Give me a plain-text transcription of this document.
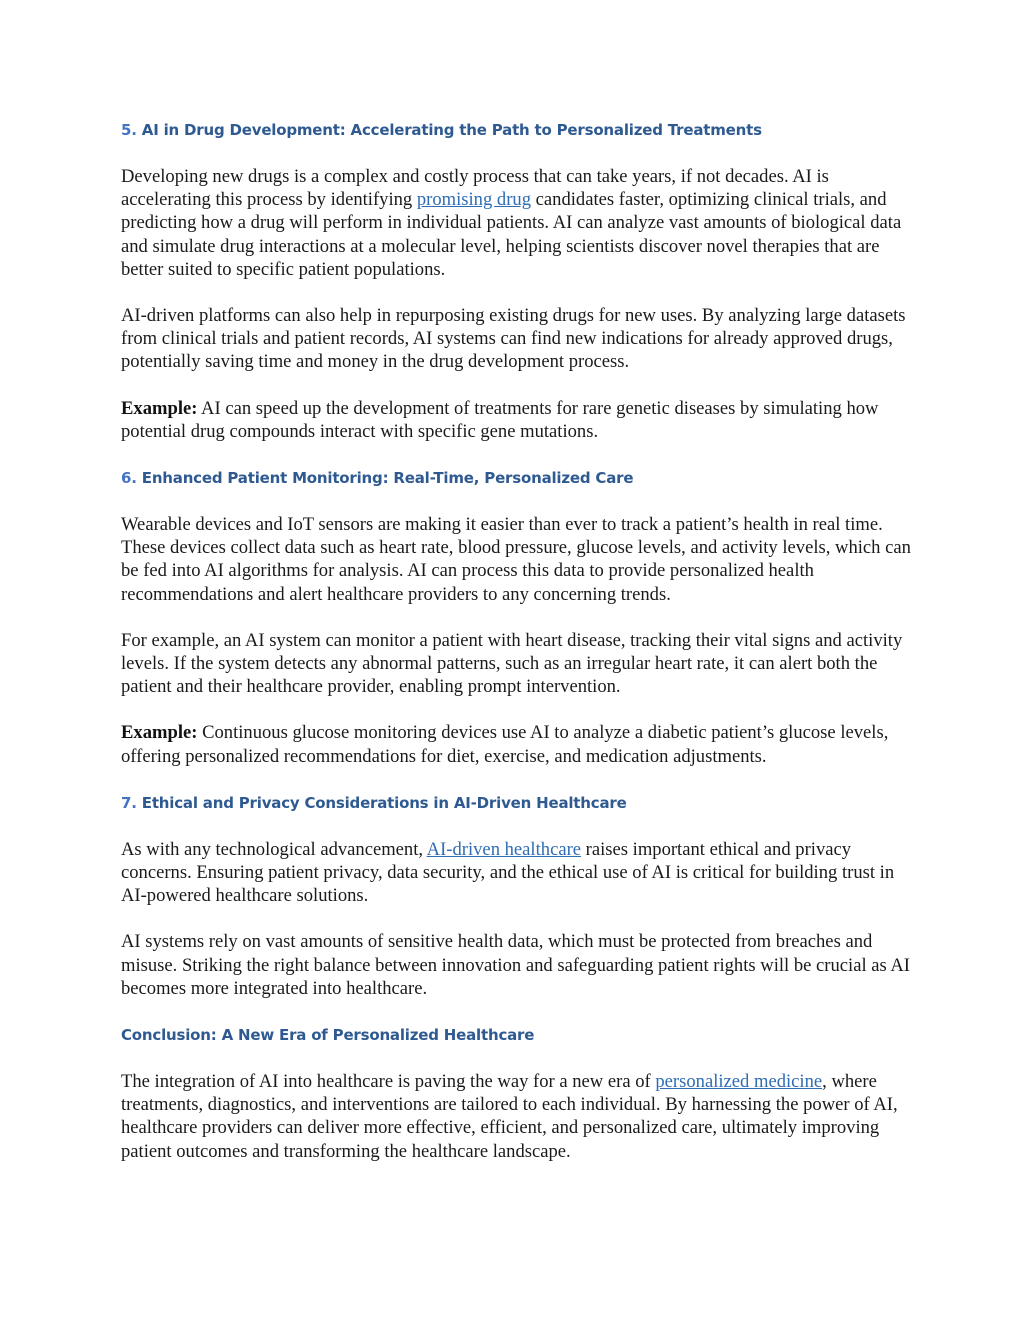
5. AI in Drug Development: Accelerating the Path to Personalized Treatments

Developing new drugs is a complex and costly process that can take years, if not decades. AI is accelerating this process by identifying promising drug candidates faster, optimizing clinical trials, and predicting how a drug will perform in individual patients. AI can analyze vast amounts of biological data and simulate drug interactions at a molecular level, helping scientists discover novel therapies that are better suited to specific patient populations.

AI-driven platforms can also help in repurposing existing drugs for new uses. By analyzing large datasets from clinical trials and patient records, AI systems can find new indications for already approved drugs, potentially saving time and money in the drug development process.

Example: AI can speed up the development of treatments for rare genetic diseases by simulating how potential drug compounds interact with specific gene mutations.

6. Enhanced Patient Monitoring: Real-Time, Personalized Care

Wearable devices and IoT sensors are making it easier than ever to track a patient’s health in real time. These devices collect data such as heart rate, blood pressure, glucose levels, and activity levels, which can be fed into AI algorithms for analysis. AI can process this data to provide personalized health recommendations and alert healthcare providers to any concerning trends.

For example, an AI system can monitor a patient with heart disease, tracking their vital signs and activity levels. If the system detects any abnormal patterns, such as an irregular heart rate, it can alert both the patient and their healthcare provider, enabling prompt intervention.

Example: Continuous glucose monitoring devices use AI to analyze a diabetic patient’s glucose levels, offering personalized recommendations for diet, exercise, and medication adjustments.

7. Ethical and Privacy Considerations in AI-Driven Healthcare

As with any technological advancement, AI-driven healthcare raises important ethical and privacy concerns. Ensuring patient privacy, data security, and the ethical use of AI is critical for building trust in AI-powered healthcare solutions.

AI systems rely on vast amounts of sensitive health data, which must be protected from breaches and misuse. Striking the right balance between innovation and safeguarding patient rights will be crucial as AI becomes more integrated into healthcare.

Conclusion: A New Era of Personalized Healthcare

The integration of AI into healthcare is paving the way for a new era of personalized medicine, where treatments, diagnostics, and interventions are tailored to each individual. By harnessing the power of AI, healthcare providers can deliver more effective, efficient, and personalized care, ultimately improving patient outcomes and transforming the healthcare landscape.
